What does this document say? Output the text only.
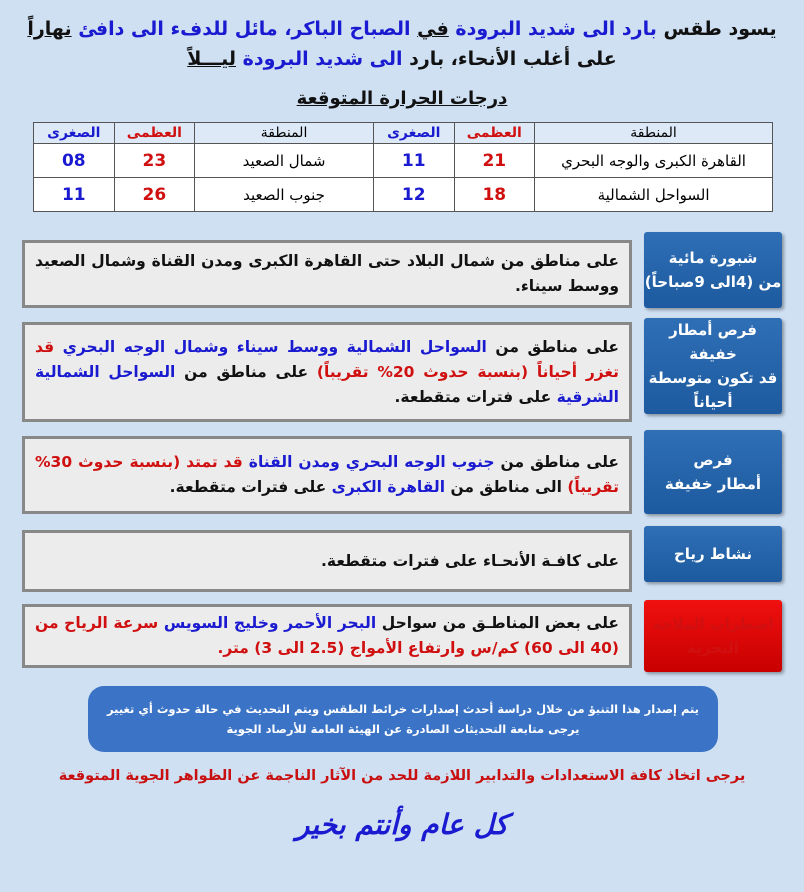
يسود طقس بارد الى شديد البرودة في الصباح الباكر، مائل للدفء الى دافئ نهاراً
على أغلب الأنحاء، بارد الى شديد البرودة ليـــلاً
درجات الحرارة المتوقعة
المنطقة	العظمى	الصغرى	المنطقة	العظمى	الصغرى
القاهرة الكبرى والوجه البحري	21	11	شمال الصعيد	23	08
السواحل الشمالية	18	12	جنوب الصعيد	26	11
شبورة مائية
من (4الى 9صباحاً)
على مناطق من شمال البلاد حتى القاهرة الكبرى ومدن القناة وشمال الصعيد ووسط سيناء.
فرص أمطار خفيفة
قد تكون متوسطة
أحياناً
على مناطق من السواحل الشمالية ووسط سيناء وشمال الوجه البحري قد تغزر أحياناً (بنسبة حدوث 20% تقريباً) على مناطق من السواحل الشمالية الشرقية على فترات متقطعة.
فرص
أمطار خفيفة
على مناطق من جنوب الوجه البحري ومدن القناة قد تمتد (بنسبة حدوث 30% تقريباً) الى مناطق من القاهرة الكبرى على فترات متقطعة.
نشاط رياح
على كافـة الأنحـاء على فترات متقطعة.
اضطراب الملاحة
البحرية
على بعض المناطـق من سواحل البحر الأحمر وخليج السويس سرعة الرياح من (40 الى 60) كم/س وارتفاع الأمواج (2.5 الى 3) متر.
يتم إصدار هذا التنبؤ من خلال دراسة أحدث إصدارات خرائط الطقس ويتم التحديث في حالة حدوث أي تغيير
يرجى متابعة التحديثات الصادرة عن الهيئة العامة للأرصاد الجوية
يرجى اتخاذ كافة الاستعدادات والتدابير اللازمة للحد من الآثار الناجمة عن الظواهر الجوية المتوقعة
كل عام وأنتم بخير
